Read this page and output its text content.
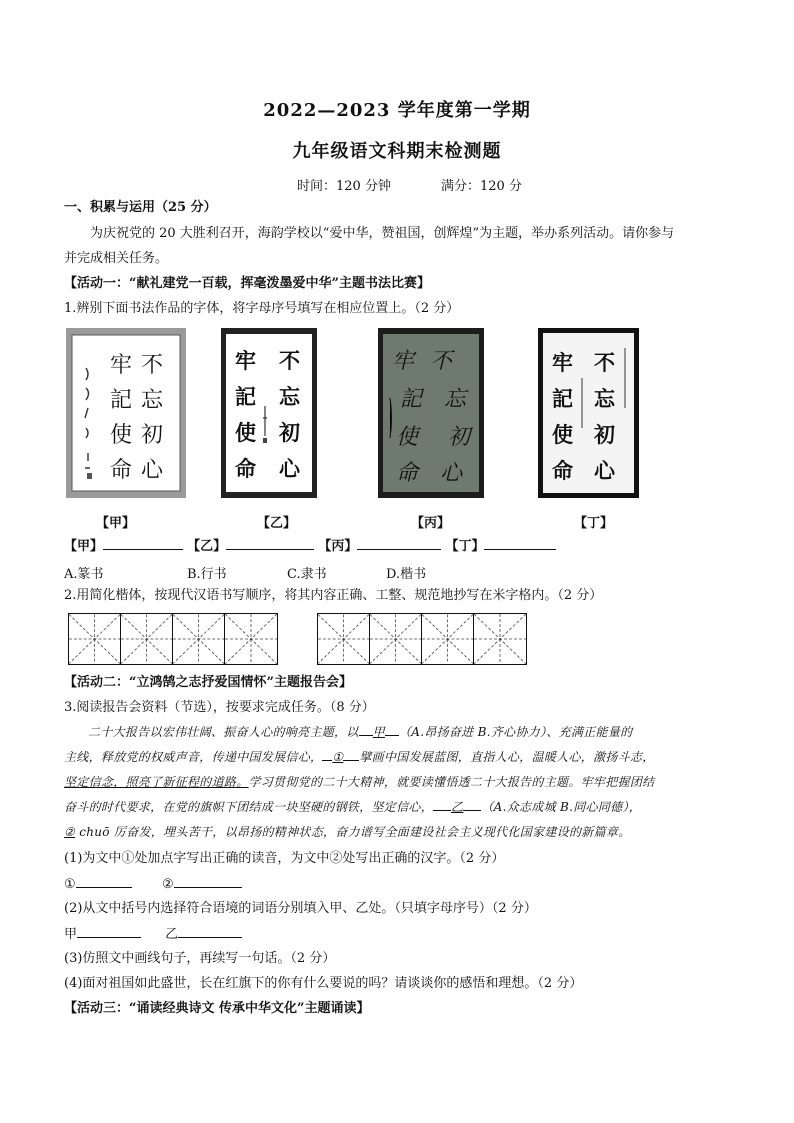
2022—2023 学年度第一学期
九年级语文科期末检测题
时间：120 分钟	满分：120 分
一、积累与运用（25 分）
为庆祝党的 20 大胜利召开，海韵学校以“爱中华，赞祖国，创辉煌”为主题，举办系列活动。请你参与
并完成相关任务。
【活动一：“献礼建党一百载，挥毫泼墨爱中华”主题书法比赛】
1.辨别下面书法作品的字体，将字母序号填写在相应位置上。（2 分）
不
忘
初
心
牢
記
使
命
不
忘
初
心
牢
記
使
命
不
忘
初
心
牢
記
使
命
不
忘
初
心
牢
記
使
命
【甲】	【乙】	【丙】	【丁】
【甲】	【乙】	【丙】	【丁】
A.篆书	B.行书	C.隶书	D.楷书
2.用简化楷体，按现代汉语书写顺序，将其内容正确、工整、规范地抄写在米字格内。（2 分）
【活动二：“立鸿鹄之志抒爱国情怀”主题报告会】
3.阅读报告会资料（节选），按要求完成任务。（8 分）

二十大报告以宏伟壮阔、振奋人心的响亮主题，以 甲 （A.昂扬奋进 B.齐心协力）、充满正能量的

主线，释放党的权威声音，传递中国发展信心， ① 擘画中国发展蓝图，直指人心，温暖人心，激扬斗志，

坚定信念，照亮了新征程的道路。学习贯彻党的二十大精神，就要读懂悟透二十大报告的主题。牢牢把握团结

奋斗的时代要求，在党的旗帜下团结成一块坚硬的钢铁，坚定信心， 乙 （A.众志成城 B.同心同德），

② chuō 厉奋发，埋头苦干，以昂扬的精神状态，奋力谱写全面建设社会主义现代化国家建设的新篇章。

(1)为文中①处加点字写出正确的读音，为文中②处写出正确的汉字。（2 分）
①	②
(2)从文中括号内选择符合语境的词语分别填入甲、乙处。（只填字母序号）（2 分）
甲	乙
(3)仿照文中画线句子，再续写一句话。（2 分）
(4)面对祖国如此盛世，长在红旗下的你有什么要说的吗？请谈谈你的感悟和理想。（2 分）
【活动三：“诵读经典诗文 传承中华文化”主题诵读】
